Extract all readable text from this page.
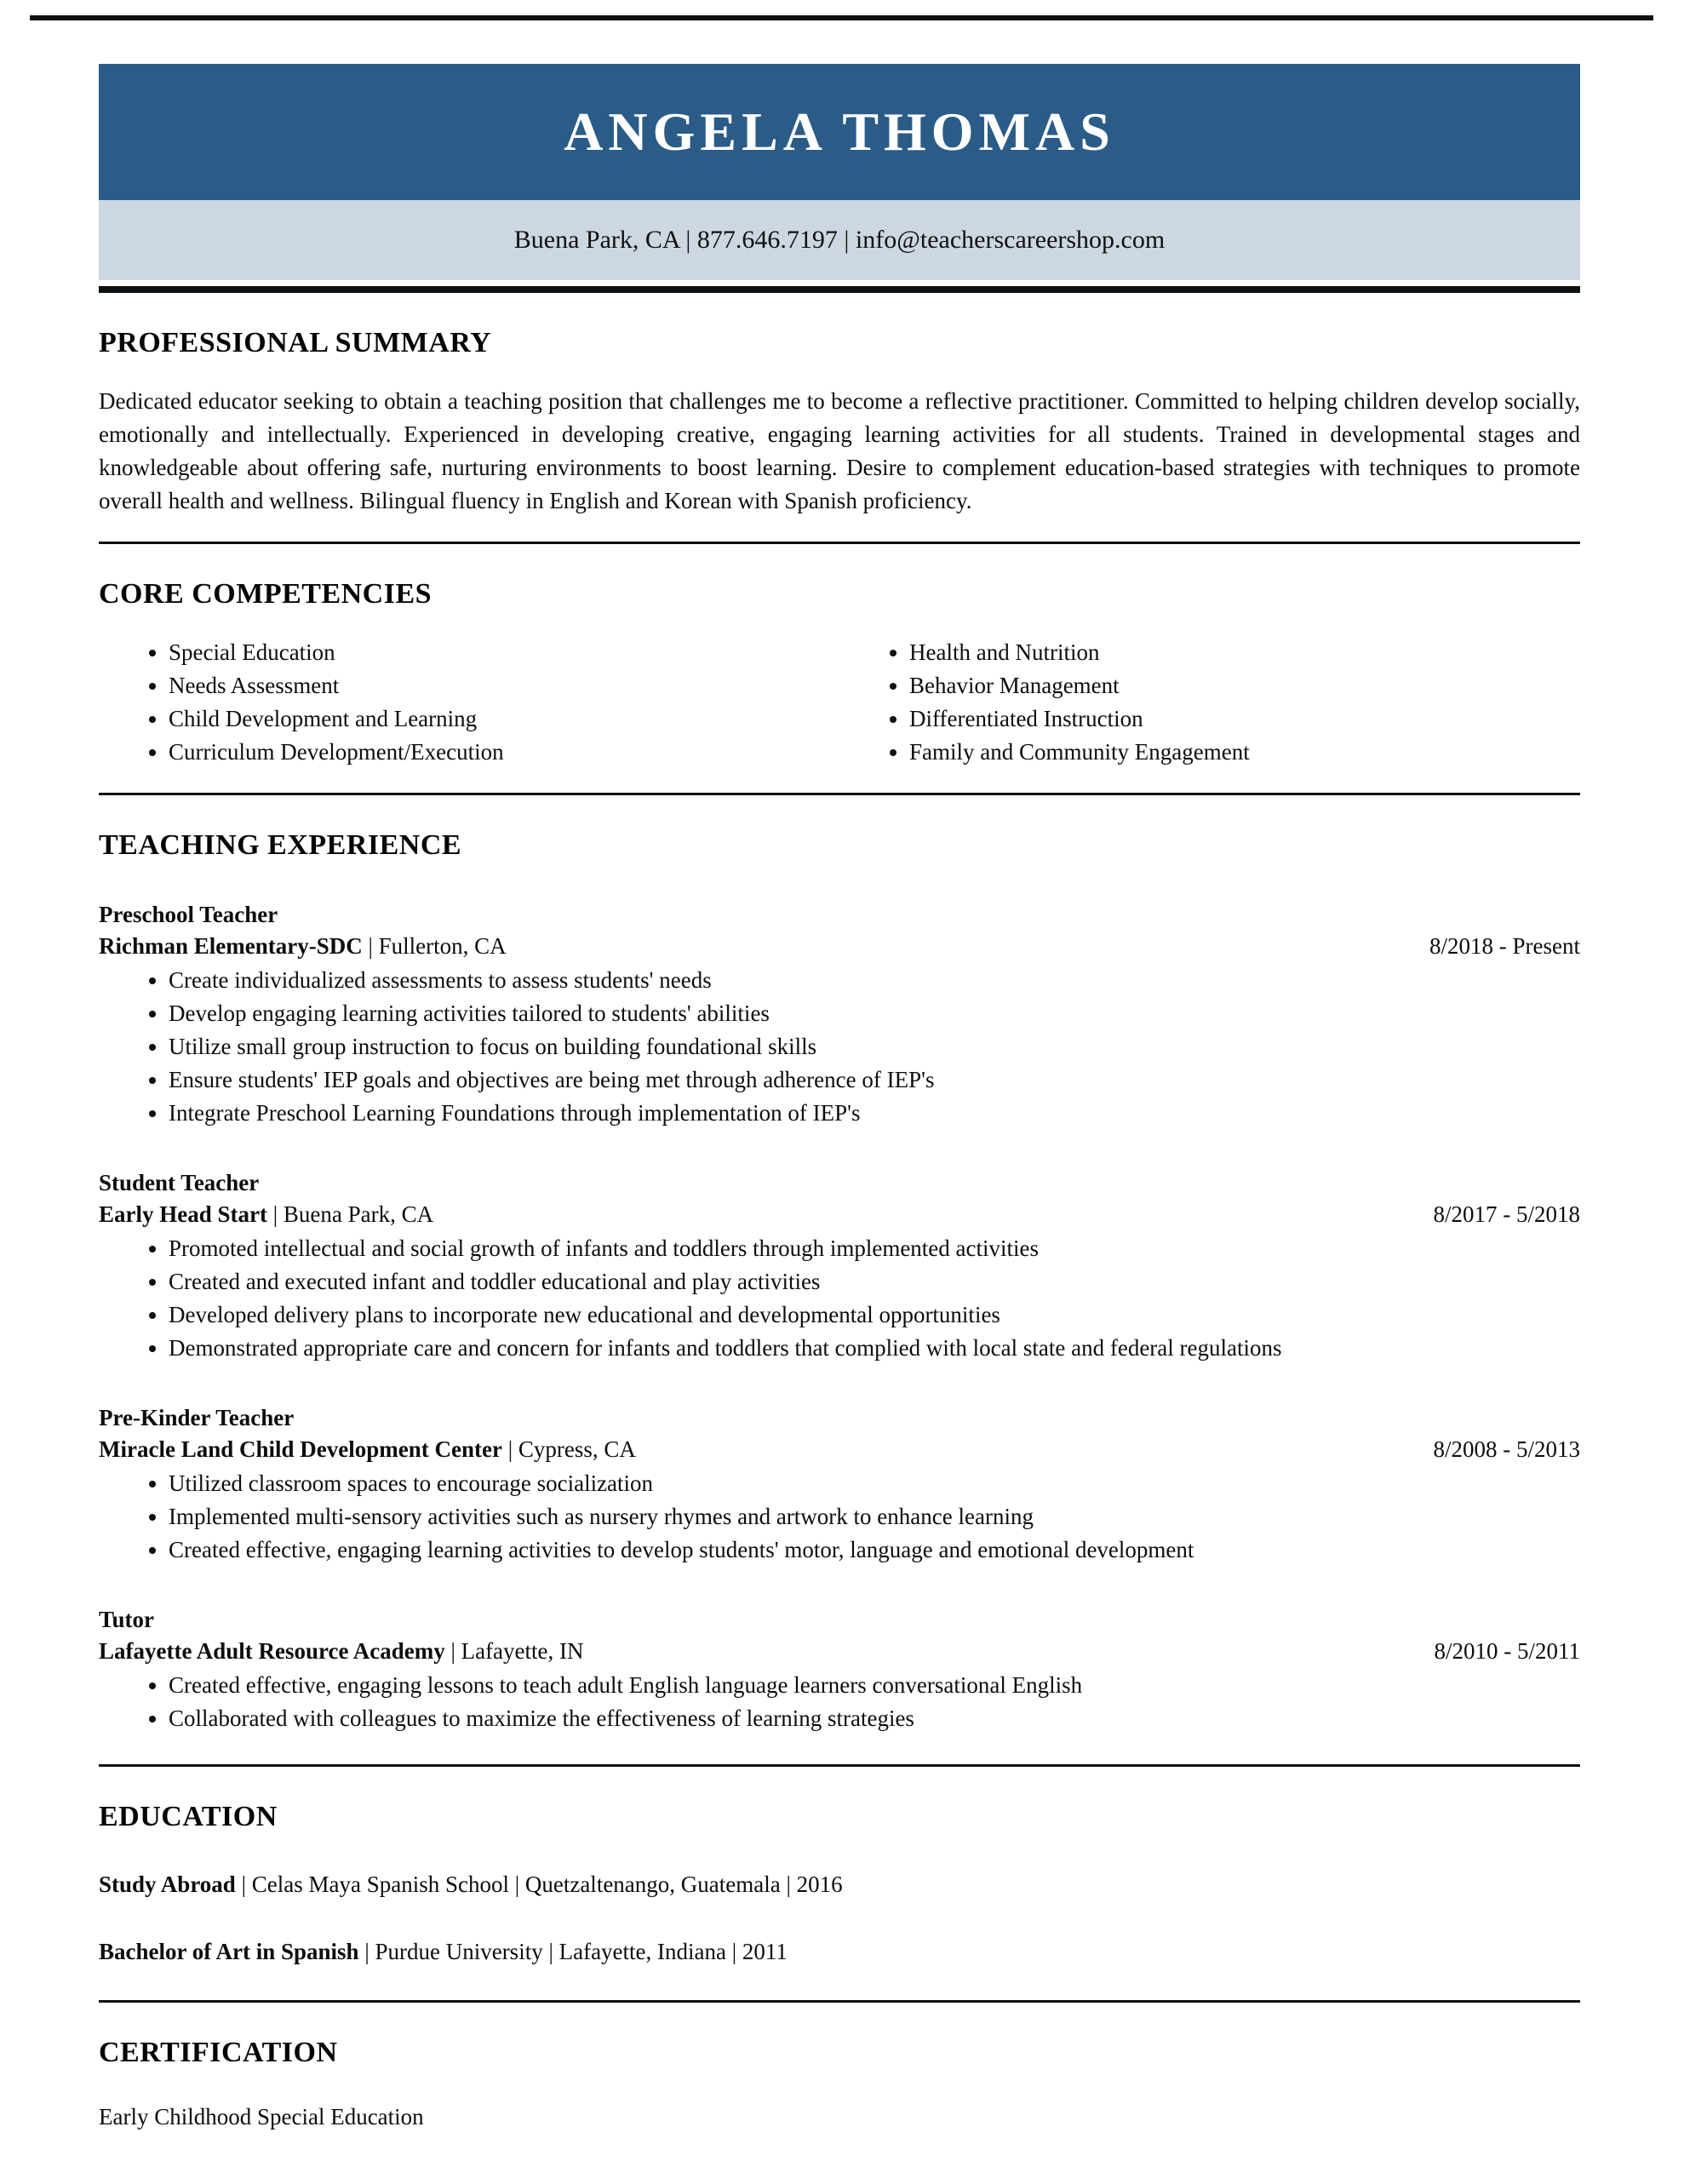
ANGELA THOMAS
Buena Park, CA | 877.646.7197 | info@teacherscareershop.com
PROFESSIONAL SUMMARY

Dedicated educator seeking to obtain a teaching position that challenges me to become a reflective practitioner. Committed to helping children develop socially, emotionally and intellectually. Experienced in developing creative, engaging learning activities for all students. Trained in developmental stages and knowledgeable about offering safe, nurturing environments to boost learning. Desire to complement education-based strategies with techniques to promote overall health and wellness. Bilingual fluency in English and Korean with Spanish proficiency.

CORE COMPETENCIES
• Special Education
• Needs Assessment
• Child Development and Learning
• Curriculum Development/Execution
• Health and Nutrition
• Behavior Management
• Differentiated Instruction
• Family and Community Engagement
TEACHING EXPERIENCE
Preschool Teacher
Richman Elementary-SDC | Fullerton, CA	8/2018 - Present
• Create individualized assessments to assess students' needs
• Develop engaging learning activities tailored to students' abilities
• Utilize small group instruction to focus on building foundational skills
• Ensure students' IEP goals and objectives are being met through adherence of IEP's
• Integrate Preschool Learning Foundations through implementation of IEP's
Student Teacher
Early Head Start | Buena Park, CA	8/2017 - 5/2018
• Promoted intellectual and social growth of infants and toddlers through implemented activities
• Created and executed infant and toddler educational and play activities
• Developed delivery plans to incorporate new educational and developmental opportunities
• Demonstrated appropriate care and concern for infants and toddlers that complied with local state and federal regulations
Pre-Kinder Teacher
Miracle Land Child Development Center | Cypress, CA	8/2008 - 5/2013
• Utilized classroom spaces to encourage socialization
• Implemented multi-sensory activities such as nursery rhymes and artwork to enhance learning
• Created effective, engaging learning activities to develop students' motor, language and emotional development
Tutor
Lafayette Adult Resource Academy | Lafayette, IN	8/2010 - 5/2011
• Created effective, engaging lessons to teach adult English language learners conversational English
• Collaborated with colleagues to maximize the effectiveness of learning strategies
EDUCATION

Study Abroad | Celas Maya Spanish School | Quetzaltenango, Guatemala | 2016

Bachelor of Art in Spanish | Purdue University | Lafayette, Indiana | 2011

CERTIFICATION

Early Childhood Special Education
